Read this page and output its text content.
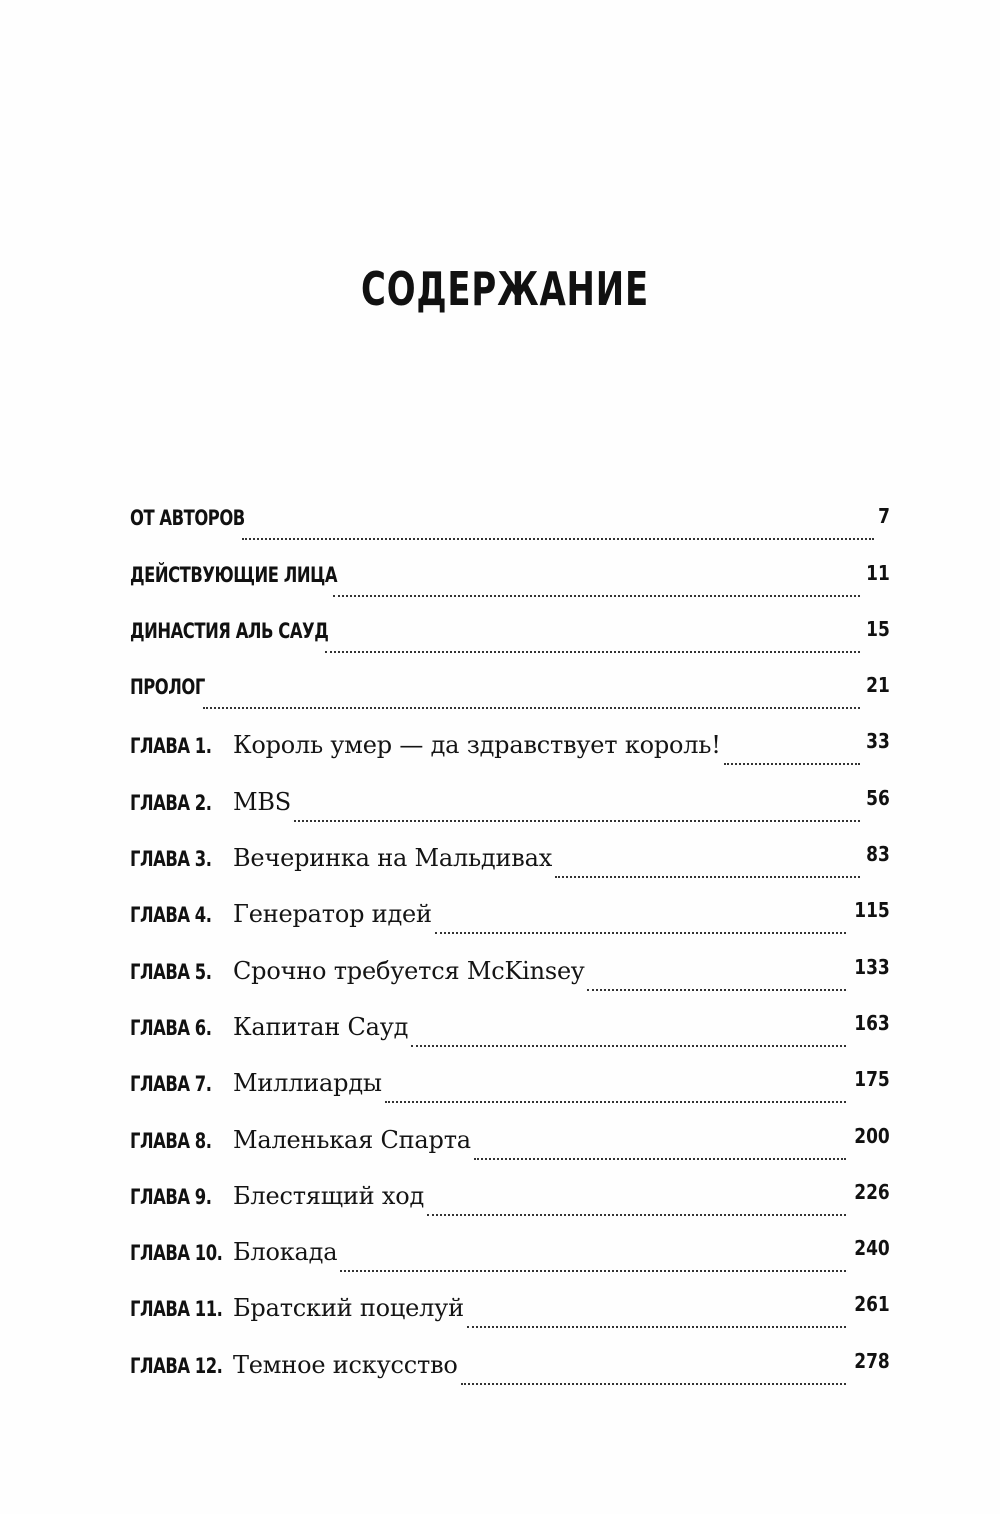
СОДЕРЖАНИЕ
ОТ АВТОРОВ	7
ДЕЙСТВУЮЩИЕ ЛИЦА	11
ДИНАСТИЯ АЛЬ САУД	15
ПРОЛОГ	21
ГЛАВА 1. Король умер — да здравствует король!	33
ГЛАВА 2. MBS	56
ГЛАВА 3. Вечеринка на Мальдивах	83
ГЛАВА 4. Генератор идей	115
ГЛАВА 5. Срочно требуется McKinsey	133
ГЛАВА 6. Капитан Сауд	163
ГЛАВА 7. Миллиарды	175
ГЛАВА 8. Маленькая Спарта	200
ГЛАВА 9. Блестящий ход	226
ГЛАВА 10. Блокада	240
ГЛАВА 11. Братский поцелуй	261
ГЛАВА 12. Темное искусство	278
